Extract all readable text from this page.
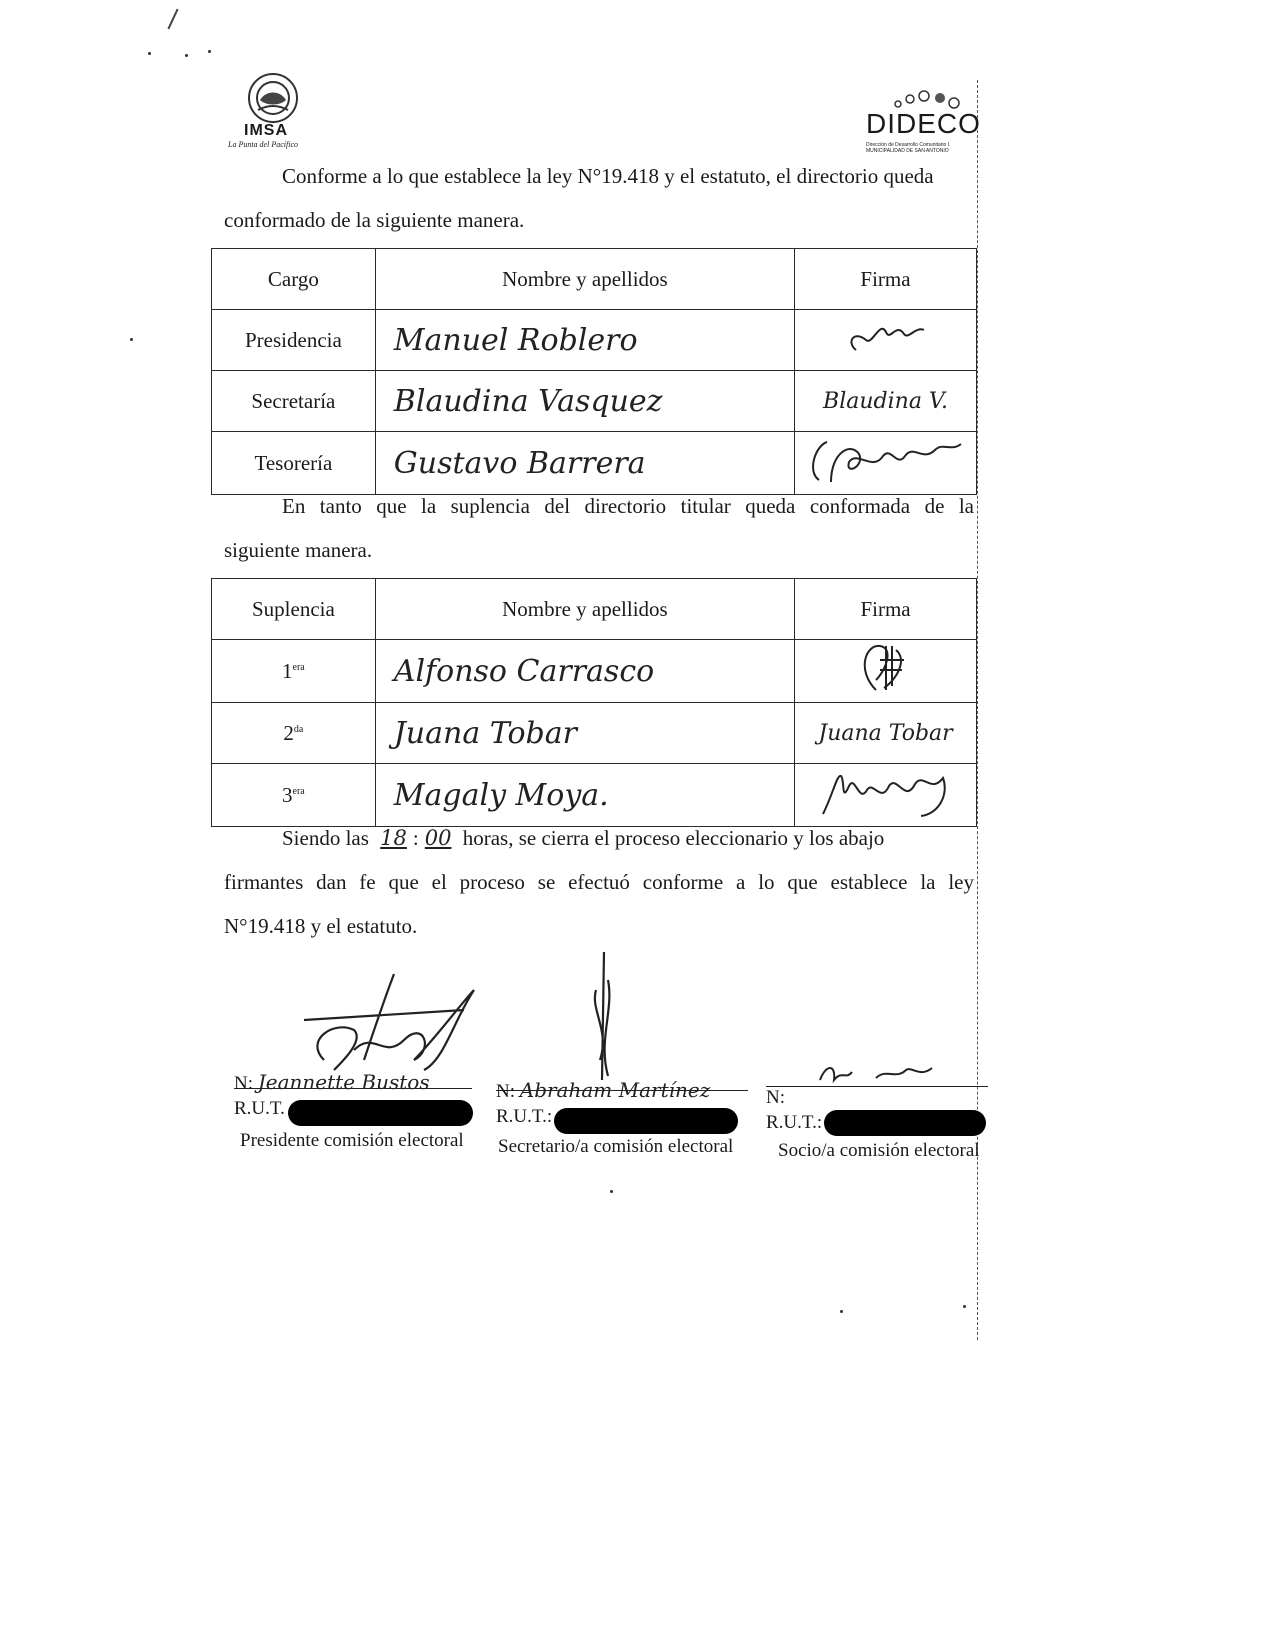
IMSA
La Punta del Pacífico
DIDECO
Dirección de Desarrollo Comunitario I. MUNICIPALIDAD DE SAN ANTONIO
Conforme a lo que establece la ley N°19.418 y el estatuto, el directorio queda
conformado de la siguiente manera.
Cargo	Nombre y apellidos	Firma
Presidencia	Manuel Roblero	
Secretaría	Blaudina Vasquez	Blaudina V.
Tesorería	Gustavo Barrera	
En tanto que la suplencia del directorio titular queda conformada de la
siguiente manera.
Suplencia	Nombre y apellidos	Firma
$1^{era}$	Alfonso Carrasco	
$2^{da}$	Juana Tobar	Juana Tobar
$3^{era}$	Magaly Moya.	
Siendo las 18 : 00 horas, se cierra el proceso eleccionario y los abajo
firmantes dan fe que el proceso se efectuó conforme a lo que establece la ley
N°19.418 y el estatuto.
N: Jeannette Bustos
R.U.T.
Presidente comisión electoral
N: Abraham Martínez
R.U.T.:
Secretario/a comisión electoral
N:
R.U.T.:
Socio/a comisión electoral
